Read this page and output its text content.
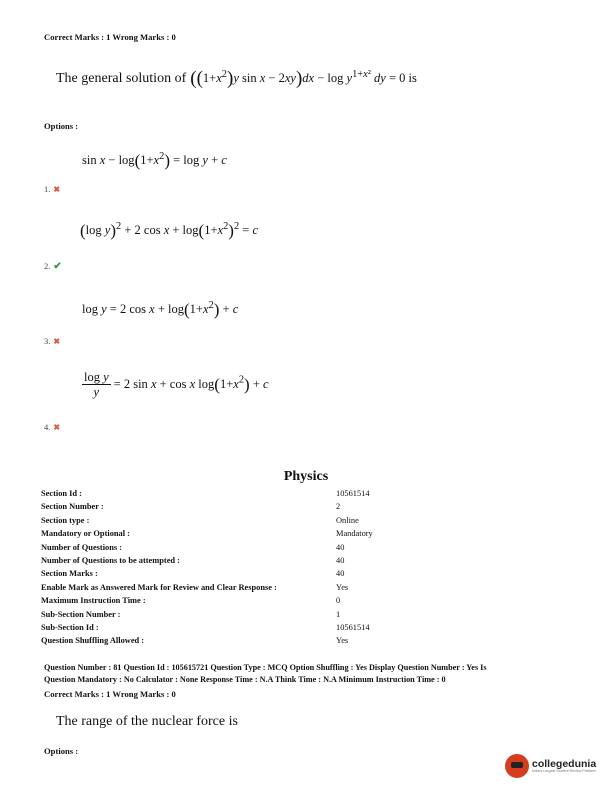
Correct Marks : 1 Wrong Marks : 0
The general solution of ($(1+x^2)y$ $\sin x - 2xy)dx - \log y^{1+x^2}$ dy = 0 is
Options :
$\sin x - \log(1+x^2) = \log y + c$
1. ✖
(log y)$^2$ + 2 $\cos x + \log(1+x^2)^2 = c$
2. ✔
log y = 2 $\cos x + \log(1+x^2) + c$
3. ✖
$\frac{\text{log y}}{y} = 2$ sin x + cos x $\log(1+x^2) + c$
4. ✖
Physics
Section Id :	10561514
Section Number :	2
Section type :	Online
Mandatory or Optional :	Mandatory
Number of Questions :	40
Number of Questions to be attempted :	40
Section Marks :	40
Enable Mark as Answered Mark for Review and Clear Response :	Yes
Maximum Instruction Time :	0
Sub-Section Number :	1
Sub-Section Id :	10561514
Question Shuffling Allowed :	Yes
Question Number : 81 Question Id : 105615721 Question Type : MCQ Option Shuffling : Yes Display Question Number : Yes Is
Question Mandatory : No Calculator : None Response Time : N.A Think Time : N.A Minimum Instruction Time : 0
Correct Marks : 1 Wrong Marks : 0
The range of the nuclear force is
Options :
collegedunia
India's Largest Student Review Platform
